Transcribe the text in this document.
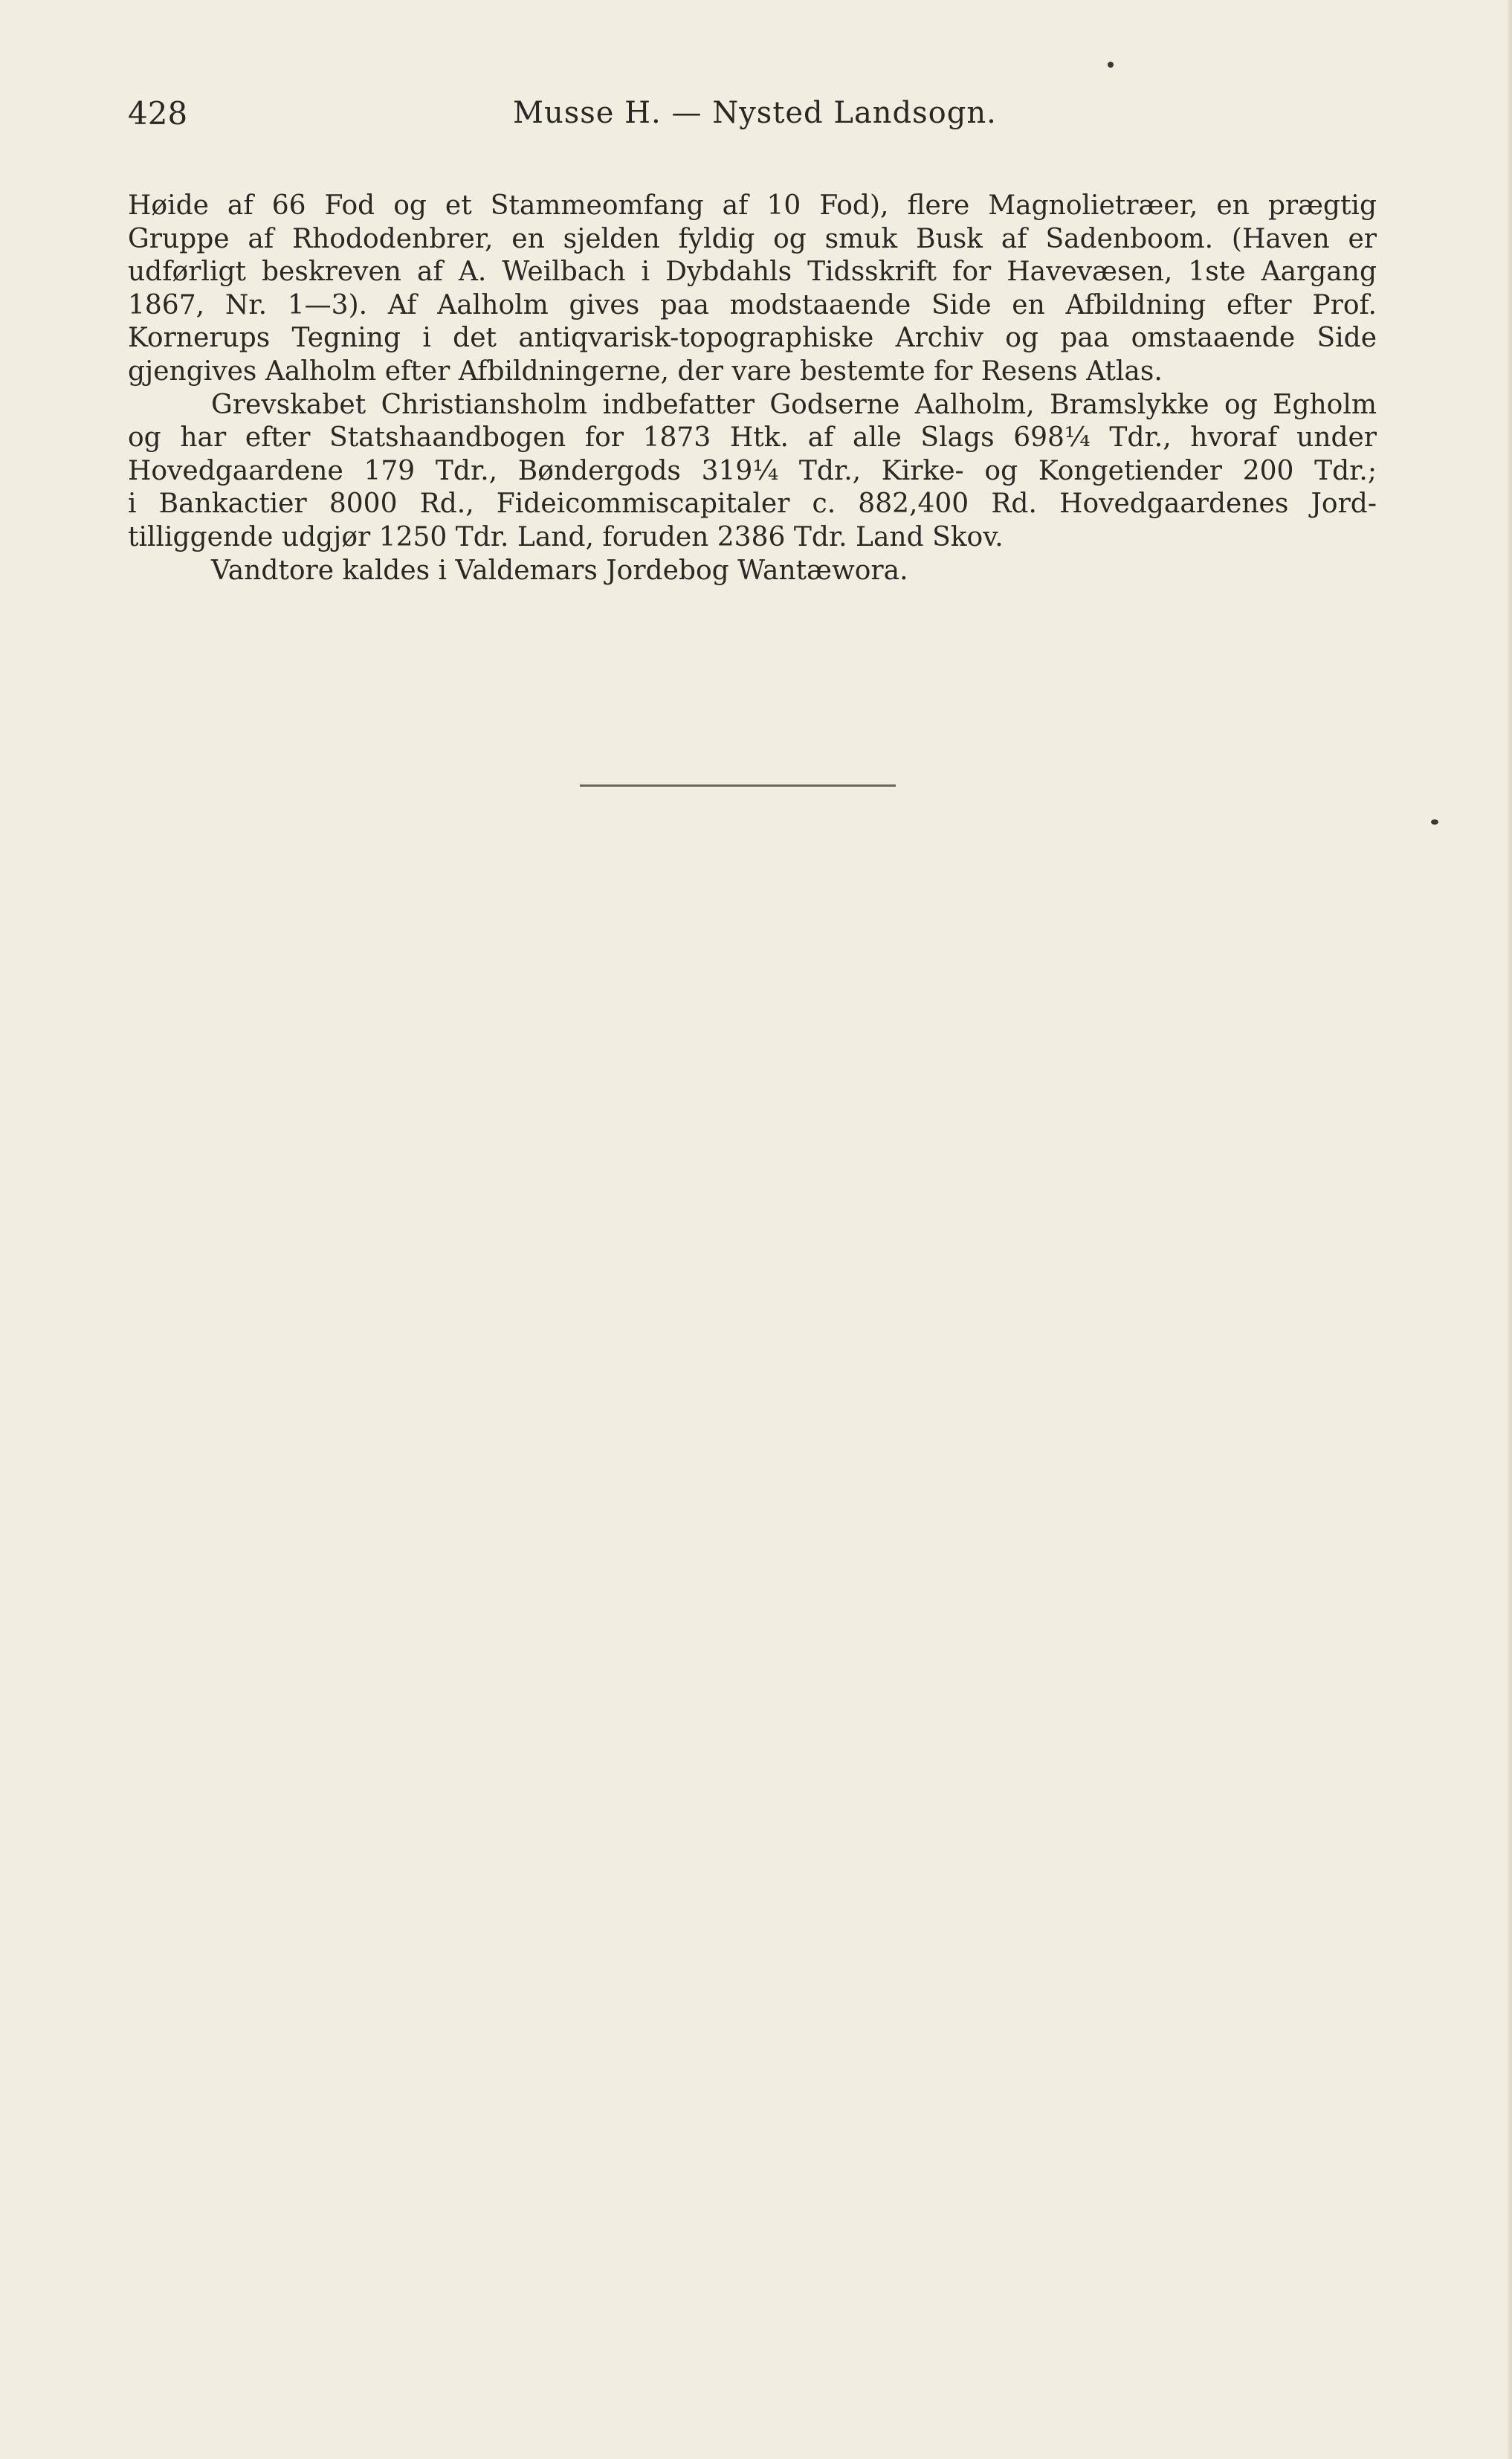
428	Musse H. — Nysted Landsogn.
Høide af 66 Fod og et Stammeomfang af 10 Fod), flere Magnolietræer, en prægtig
Gruppe af Rhododenbrer, en sjelden fyldig og smuk Busk af Sadenboom. (Haven er
udførligt beskreven af A. Weilbach i Dybdahls Tidsskrift for Havevæsen, 1ste Aargang
1867, Nr. 1—3). Af Aalholm gives paa modstaaende Side en Afbildning efter Prof.
Kornerups Tegning i det antiqvarisk-topographiske Archiv og paa omstaaende Side
gjengives Aalholm efter Afbildningerne, der vare bestemte for Resens Atlas.
Grevskabet Christiansholm indbefatter Godserne Aalholm, Bramslykke og Egholm
og har efter Statshaandbogen for 1873 Htk. af alle Slags 698¼ Tdr., hvoraf under
Hovedgaardene 179 Tdr., Bøndergods 319¼ Tdr., Kirke- og Kongetiender 200 Tdr.;
i Bankactier 8000 Rd., Fideicommiscapitaler c. 882,400 Rd. Hovedgaardenes Jord-
tilliggende udgjør 1250 Tdr. Land, foruden 2386 Tdr. Land Skov.
Vandtore kaldes i Valdemars Jordebog Wantæwora.
